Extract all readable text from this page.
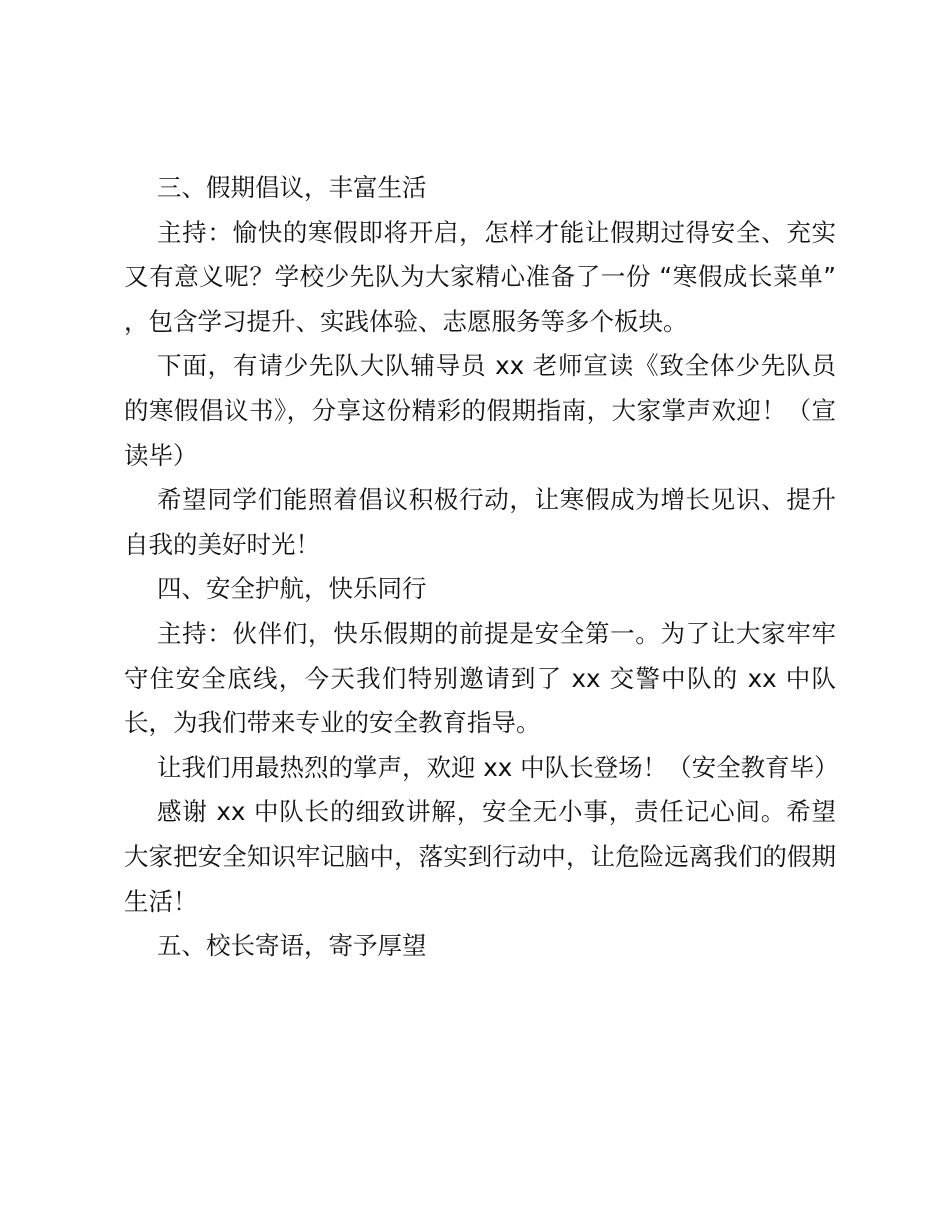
三、假期倡议，丰富生活

主持：愉快的寒假即将开启，怎样才能让假期过得安全、充实又有意义呢？学校少先队为大家精心准备了一份 “寒假成长菜单” ，包含学习提升、实践体验、志愿服务等多个板块。

下面，有请少先队大队辅导员 xx 老师宣读《致全体少先队员的寒假倡议书》，分享这份精彩的假期指南，大家掌声欢迎！（宣读毕）

希望同学们能照着倡议积极行动，让寒假成为增长见识、提升自我的美好时光！

四、安全护航，快乐同行

主持：伙伴们，快乐假期的前提是安全第一。为了让大家牢牢守住安全底线，今天我们特别邀请到了 xx 交警中队的 xx 中队长，为我们带来专业的安全教育指导。

让我们用最热烈的掌声，欢迎 xx 中队长登场！（安全教育毕）

感谢 xx 中队长的细致讲解，安全无小事，责任记心间。希望大家把安全知识牢记脑中，落实到行动中，让危险远离我们的假期生活！

五、校长寄语，寄予厚望
